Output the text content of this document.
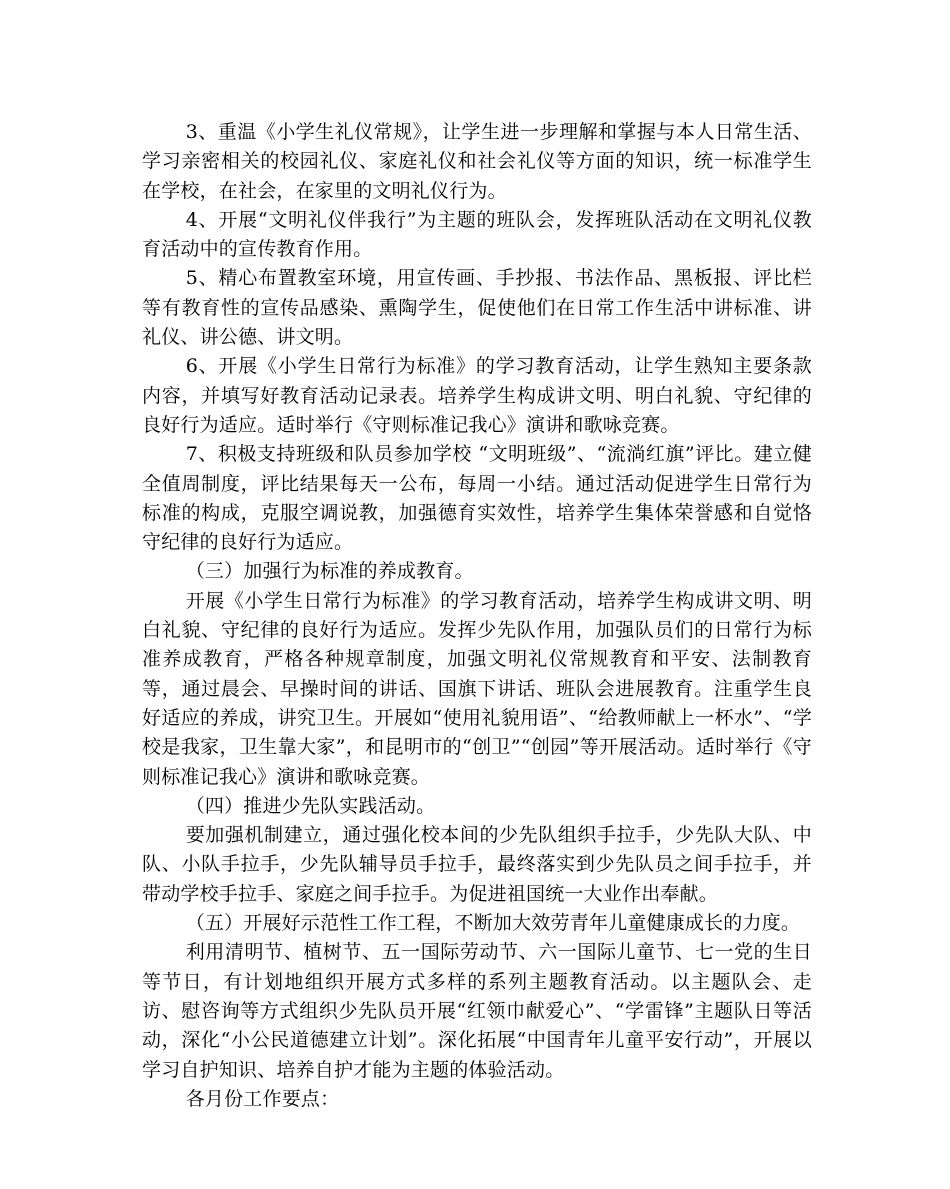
3、重温《小学生礼仪常规》，让学生进一步理解和掌握与本人日常生活、学习亲密相关的校园礼仪、家庭礼仪和社会礼仪等方面的知识，统一标准学生在学校，在社会，在家里的文明礼仪行为。

4、开展“文明礼仪伴我行”为主题的班队会，发挥班队活动在文明礼仪教育活动中的宣传教育作用。

5、精心布置教室环境，用宣传画、手抄报、书法作品、黑板报、评比栏等有教育性的宣传品感染、熏陶学生，促使他们在日常工作生活中讲标准、讲礼仪、讲公德、讲文明。

6、开展《小学生日常行为标准》的学习教育活动，让学生熟知主要条款内容，并填写好教育活动记录表。培养学生构成讲文明、明白礼貌、守纪律的良好行为适应。适时举行《守则标准记我心》演讲和歌咏竞赛。

7、积极支持班级和队员参加学校 “文明班级”、“流淌红旗”评比。建立健全值周制度，评比结果每天一公布，每周一小结。通过活动促进学生日常行为标准的构成，克服空调说教，加强德育实效性，培养学生集体荣誉感和自觉恪守纪律的良好行为适应。

（三）加强行为标准的养成教育。

开展《小学生日常行为标准》的学习教育活动，培养学生构成讲文明、明白礼貌、守纪律的良好行为适应。发挥少先队作用，加强队员们的日常行为标准养成教育，严格各种规章制度，加强文明礼仪常规教育和平安、法制教育等，通过晨会、早操时间的讲话、国旗下讲话、班队会进展教育。注重学生良好适应的养成，讲究卫生。开展如“使用礼貌用语”、“给教师献上一杯水”、“学校是我家，卫生靠大家”，和昆明市的“创卫”“创园”等开展活动。适时举行《守则标准记我心》演讲和歌咏竞赛。

（四）推进少先队实践活动。

要加强机制建立，通过强化校本间的少先队组织手拉手，少先队大队、中队、小队手拉手，少先队辅导员手拉手，最终落实到少先队员之间手拉手，并带动学校手拉手、家庭之间手拉手。为促进祖国统一大业作出奉献。

（五）开展好示范性工作工程，不断加大效劳青年儿童健康成长的力度。

利用清明节、植树节、五一国际劳动节、六一国际儿童节、七一党的生日等节日，有计划地组织开展方式多样的系列主题教育活动。以主题队会、走访、慰咨询等方式组织少先队员开展“红领巾献爱心”、“学雷锋”主题队日等活动，深化“小公民道德建立计划”。深化拓展“中国青年儿童平安行动”，开展以学习自护知识、培养自护才能为主题的体验活动。

各月份工作要点：
